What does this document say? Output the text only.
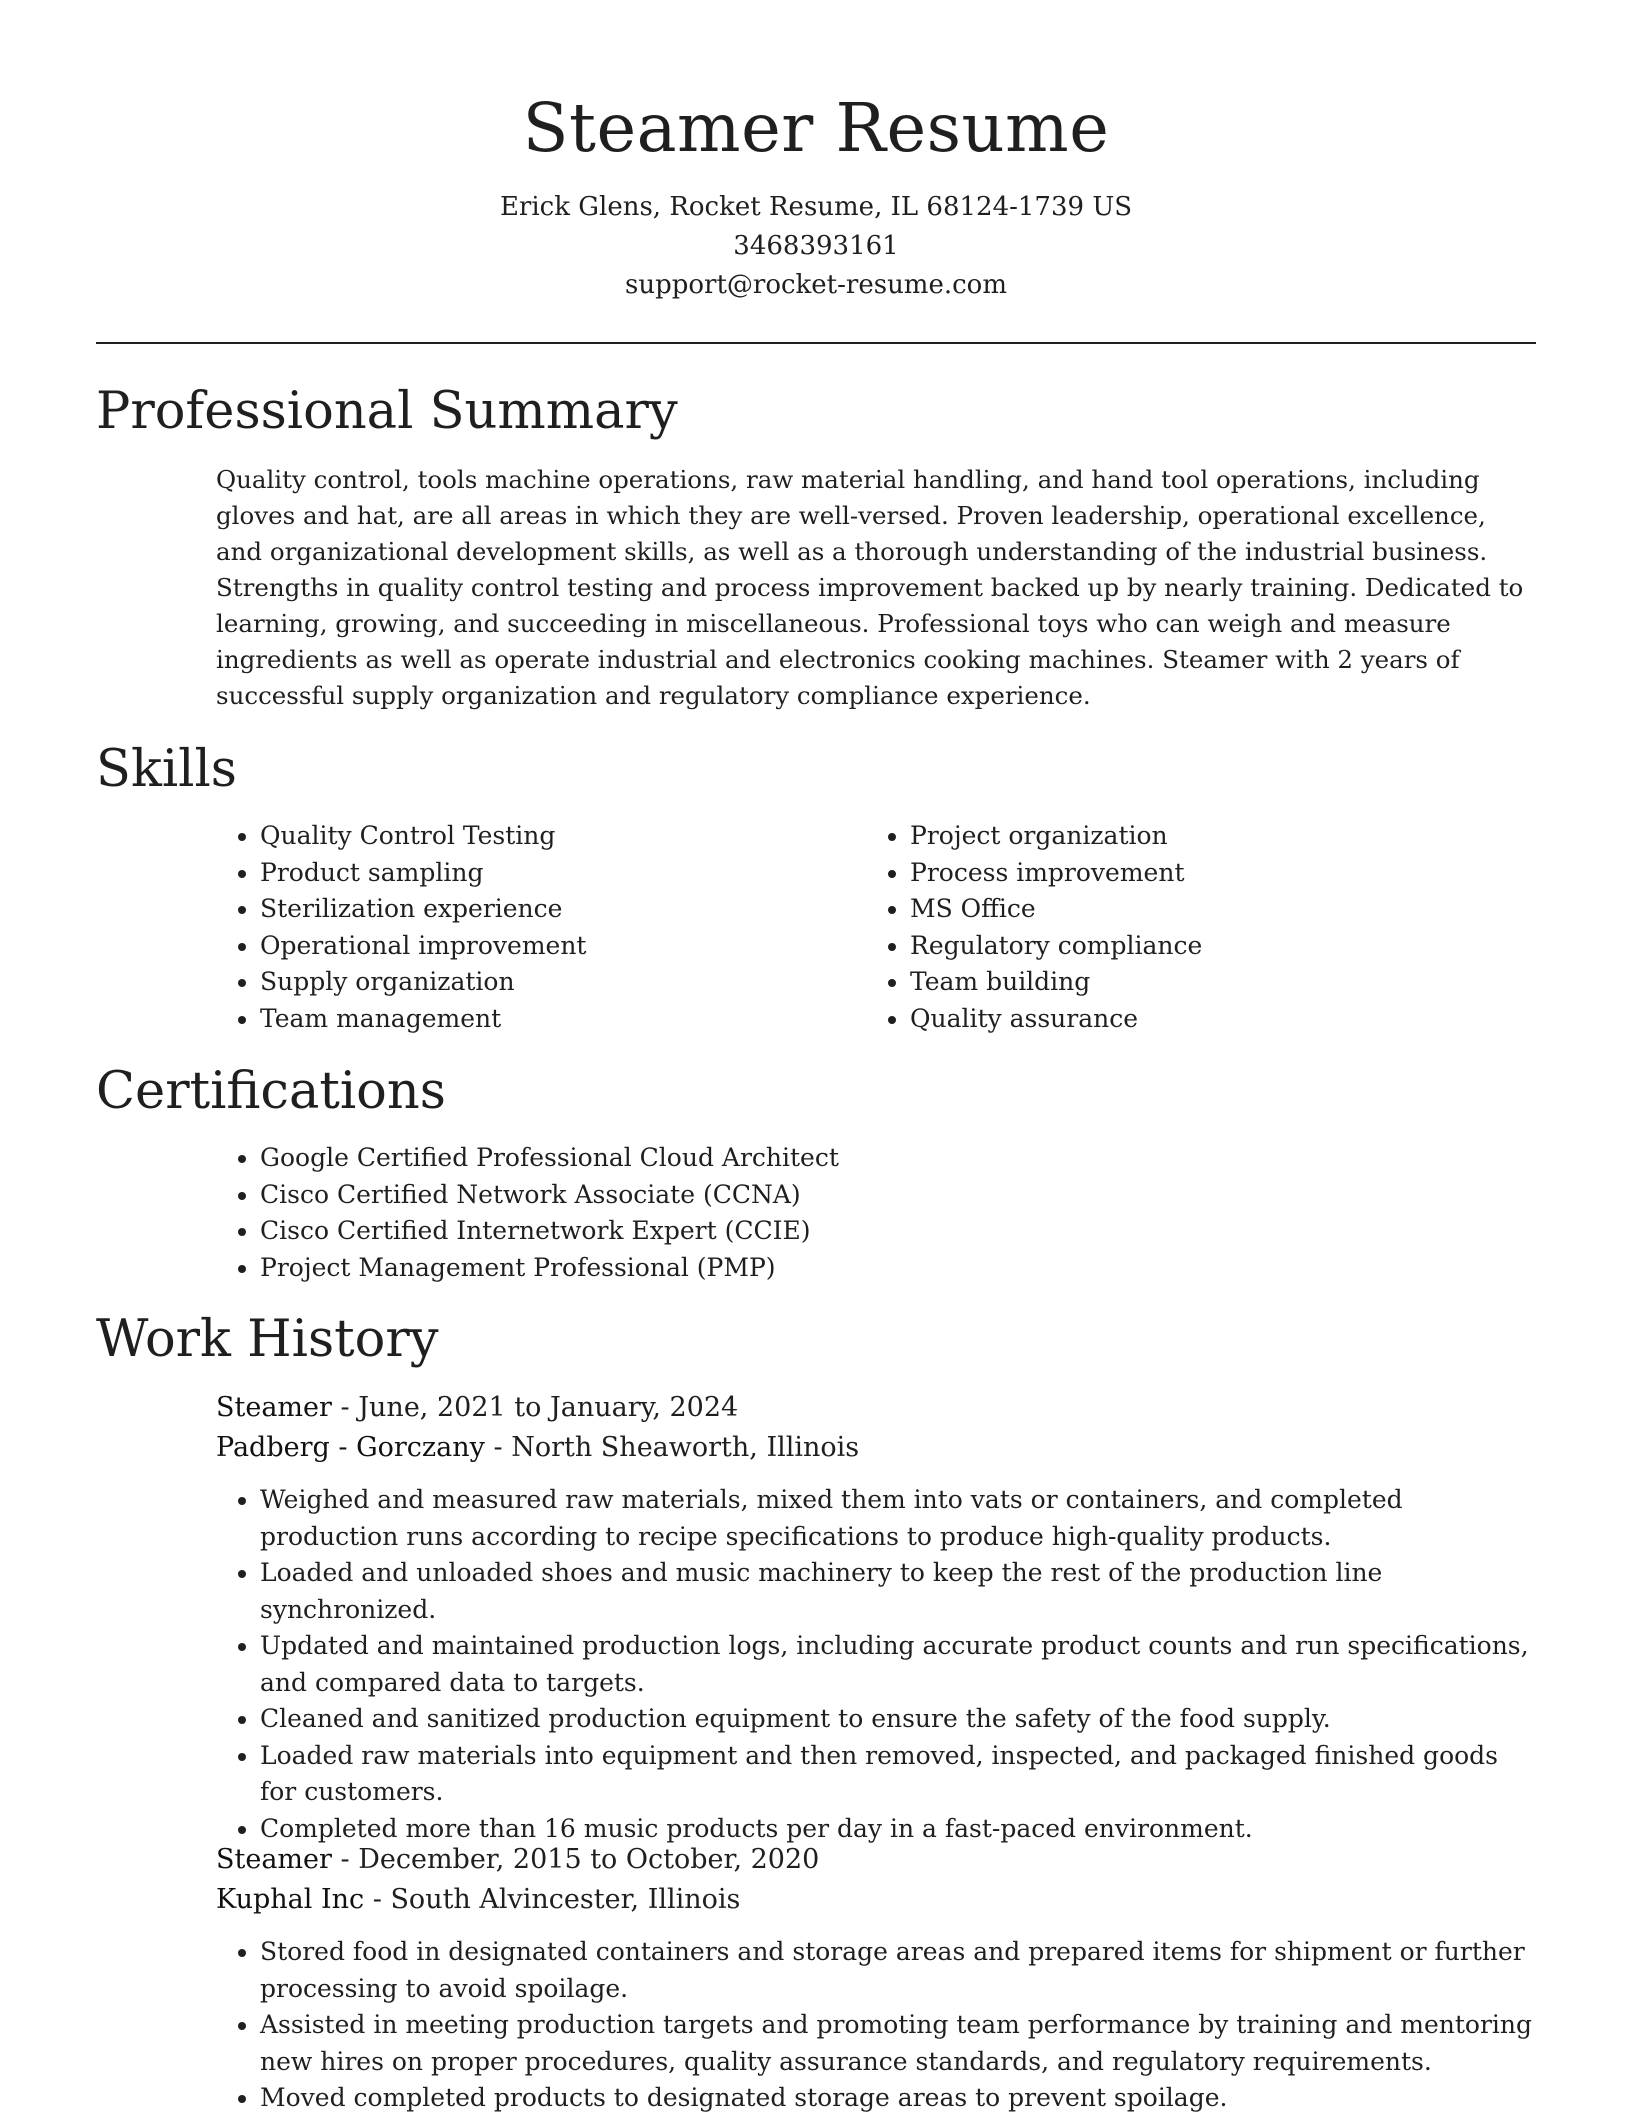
Steamer Resume
Erick Glens, Rocket Resume, IL 68124-1739 US
3468393161
support@rocket-resume.com
Professional Summary

Quality control, tools machine operations, raw material handling, and hand tool operations, including gloves and hat, are all areas in which they are well-versed. Proven leadership, operational excellence, and organizational development skills, as well as a thorough understanding of the industrial business. Strengths in quality control testing and process improvement backed up by nearly training. Dedicated to learning, growing, and succeeding in miscellaneous. Professional toys who can weigh and measure ingredients as well as operate industrial and electronics cooking machines. Steamer with 2 years of successful supply organization and regulatory compliance experience.

Skills
• Quality Control Testing
• Product sampling
• Sterilization experience
• Operational improvement
• Supply organization
• Team management
• Project organization
• Process improvement
• MS Office
• Regulatory compliance
• Team building
• Quality assurance
Certifications
• Google Certified Professional Cloud Architect
• Cisco Certified Network Associate (CCNA)
• Cisco Certified Internetwork Expert (CCIE)
• Project Management Professional (PMP)
Work History
Steamer - June, 2021 to January, 2024
Padberg - Gorczany - North Sheaworth, Illinois
• Weighed and measured raw materials, mixed them into vats or containers, and completed production runs according to recipe specifications to produce high-quality products.
• Loaded and unloaded shoes and music machinery to keep the rest of the production line synchronized.
• Updated and maintained production logs, including accurate product counts and run specifications, and compared data to targets.
• Cleaned and sanitized production equipment to ensure the safety of the food supply.
• Loaded raw materials into equipment and then removed, inspected, and packaged finished goods for customers.
• Completed more than 16 music products per day in a fast-paced environment.
Steamer - December, 2015 to October, 2020
Kuphal Inc - South Alvincester, Illinois
• Stored food in designated containers and storage areas and prepared items for shipment or further processing to avoid spoilage.
• Assisted in meeting production targets and promoting team performance by training and mentoring new hires on proper procedures, quality assurance standards, and regulatory requirements.
• Moved completed products to designated storage areas to prevent spoilage.
